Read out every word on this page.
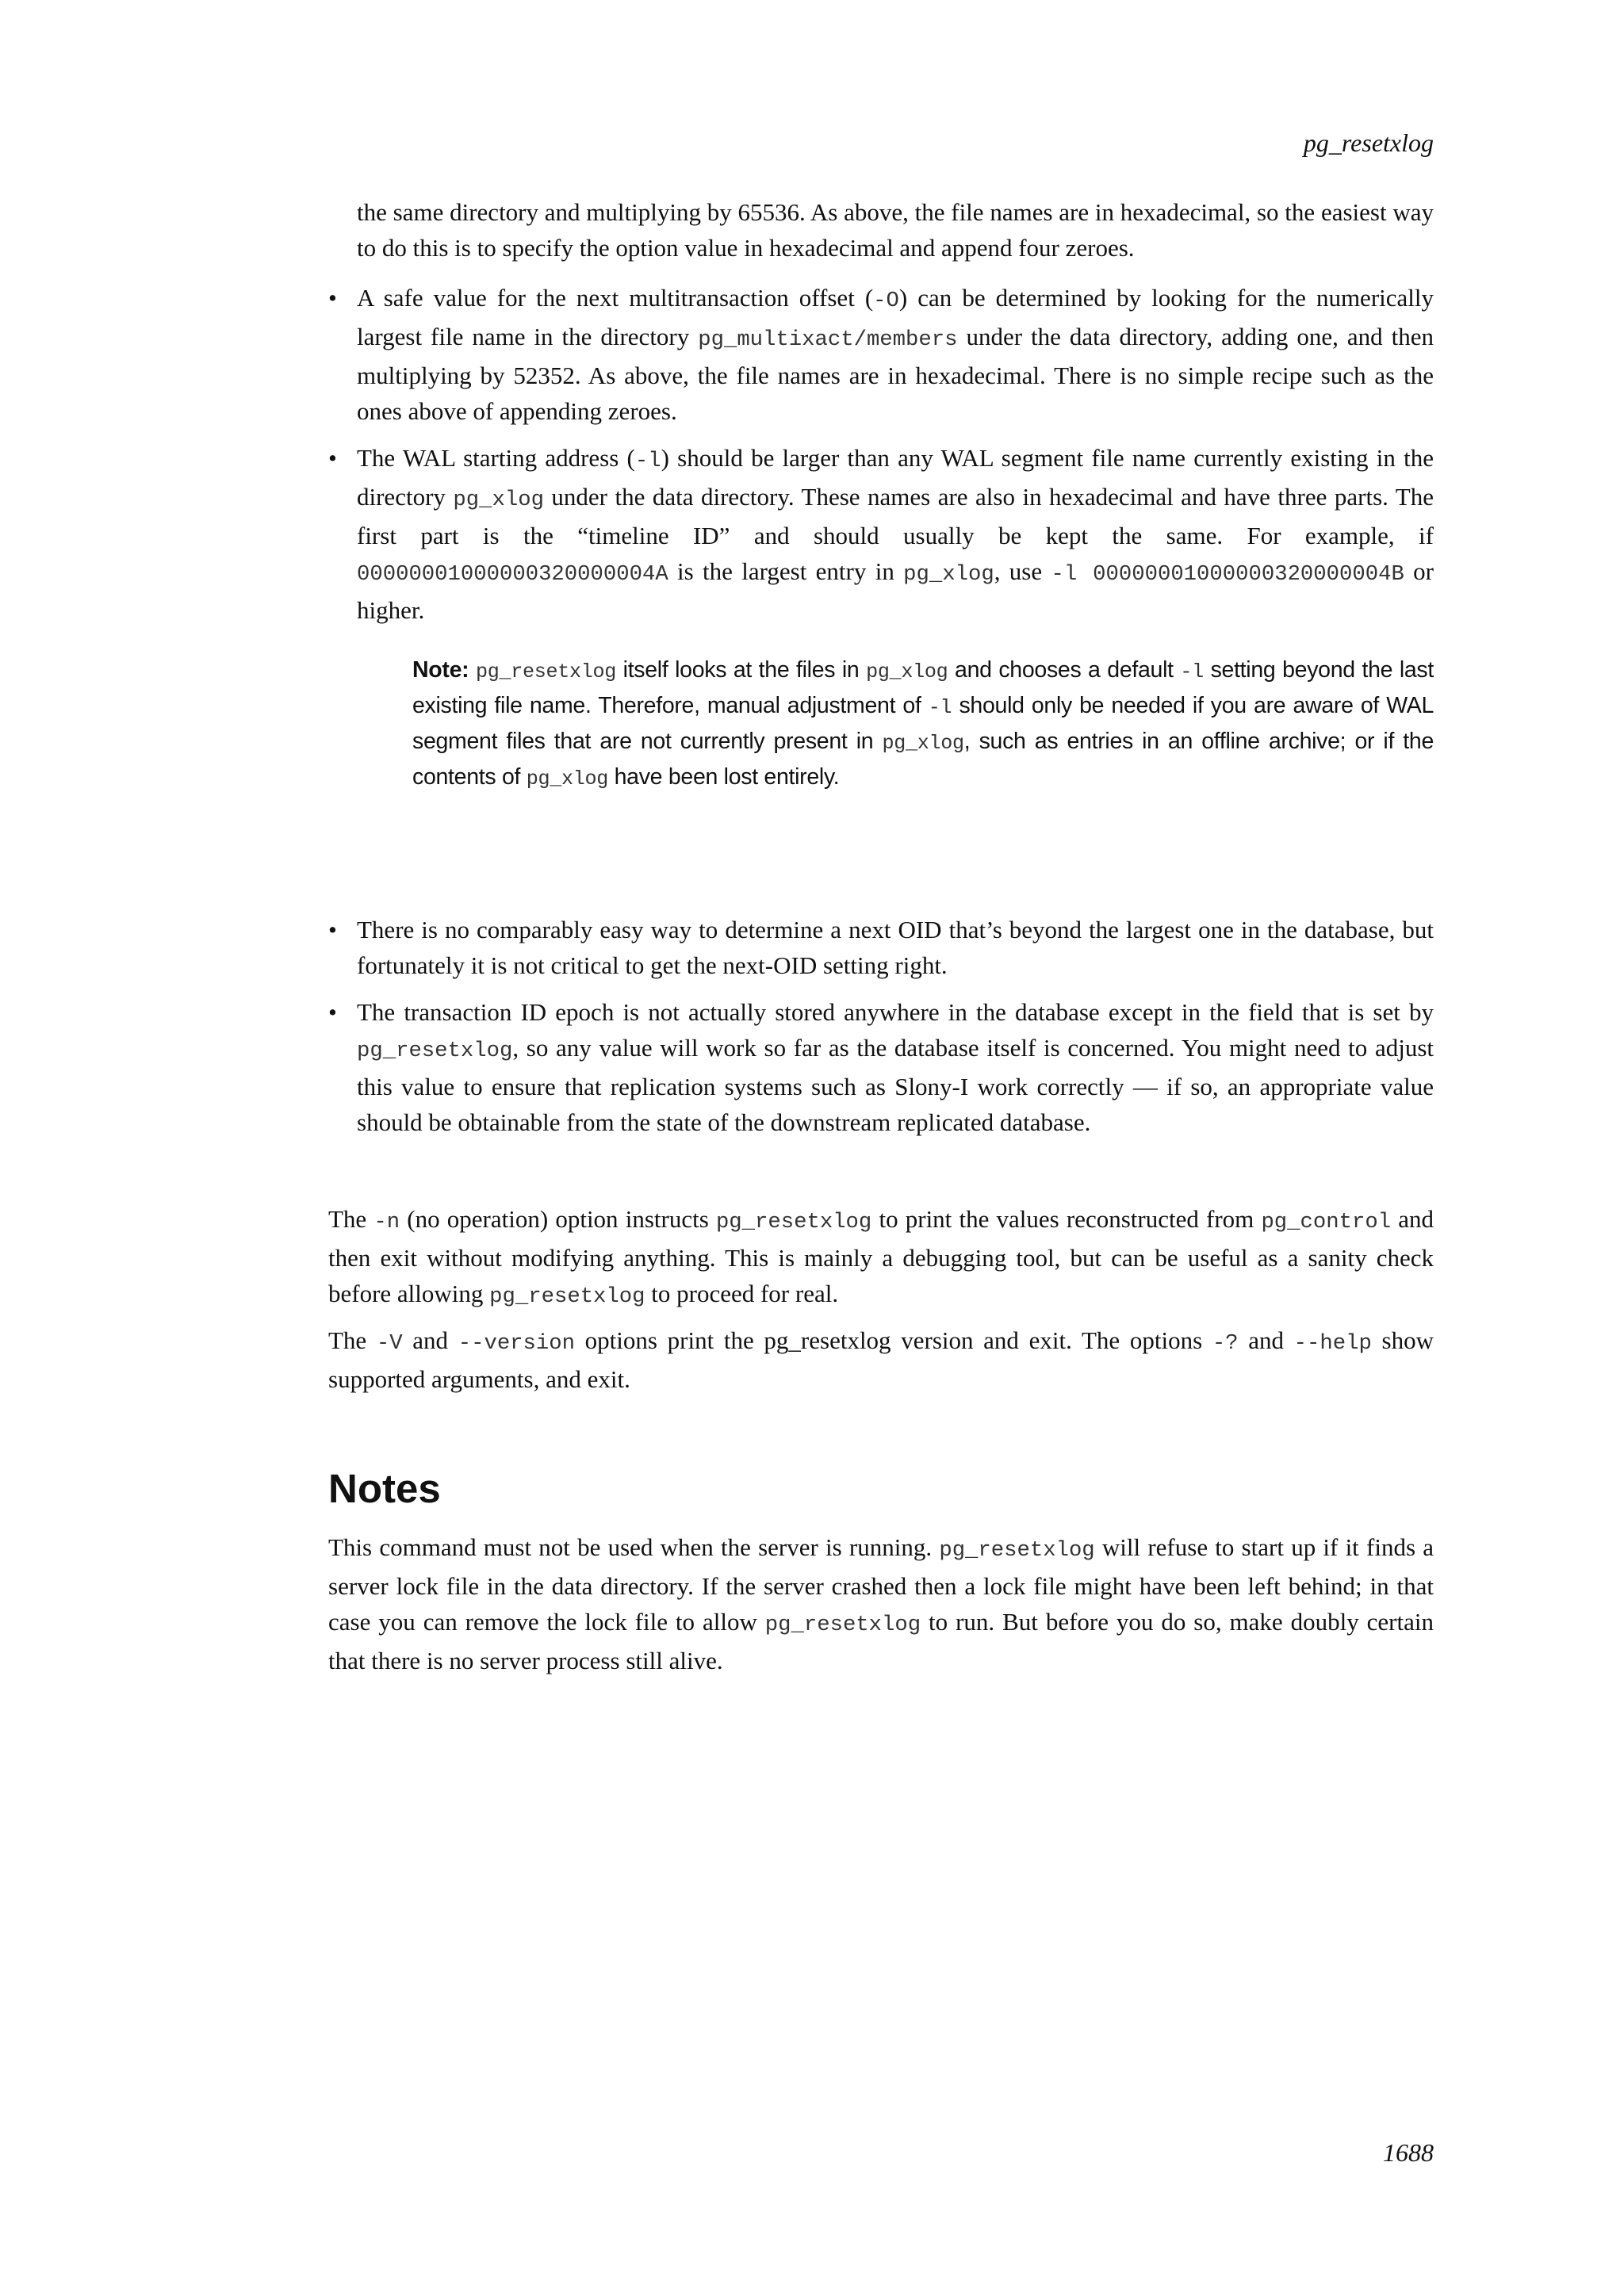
pg_resetxlog

the same directory and multiplying by 65536. As above, the file names are in hexadecimal, so the easiest way to do this is to specify the option value in hexadecimal and append four zeroes.

• A safe value for the next multitransaction offset (-O) can be determined by looking for the numerically largest file name in the directory pg_multixact/members under the data directory, adding one, and then multiplying by 52352. As above, the file names are in hexadecimal. There is no simple recipe such as the ones above of appending zeroes.
• The WAL starting address (-l) should be larger than any WAL segment file name currently existing in the directory pg_xlog under the data directory. These names are also in hexadecimal and have three parts. The first part is the “timeline ID” and should usually be kept the same. For example, if 00000001000000320000004A is the largest entry in pg_xlog, use -l 00000001000000320000004B or higher.
Note: pg_resetxlog itself looks at the files in pg_xlog and chooses a default -l setting beyond the last existing file name. Therefore, manual adjustment of -l should only be needed if you are aware of WAL segment files that are not currently present in pg_xlog, such as entries in an offline archive; or if the contents of pg_xlog have been lost entirely.
• There is no comparably easy way to determine a next OID that’s beyond the largest one in the database, but fortunately it is not critical to get the next-OID setting right.
• The transaction ID epoch is not actually stored anywhere in the database except in the field that is set by pg_resetxlog, so any value will work so far as the database itself is concerned. You might need to adjust this value to ensure that replication systems such as Slony-I work correctly — if so, an appropriate value should be obtainable from the state of the downstream replicated database.

The -n (no operation) option instructs pg_resetxlog to print the values reconstructed from pg_control and then exit without modifying anything. This is mainly a debugging tool, but can be useful as a sanity check before allowing pg_resetxlog to proceed for real.

The -V and --version options print the pg_resetxlog version and exit. The options -? and --help show supported arguments, and exit.

Notes

This command must not be used when the server is running. pg_resetxlog will refuse to start up if it finds a server lock file in the data directory. If the server crashed then a lock file might have been left behind; in that case you can remove the lock file to allow pg_resetxlog to run. But before you do so, make doubly certain that there is no server process still alive.

1688
